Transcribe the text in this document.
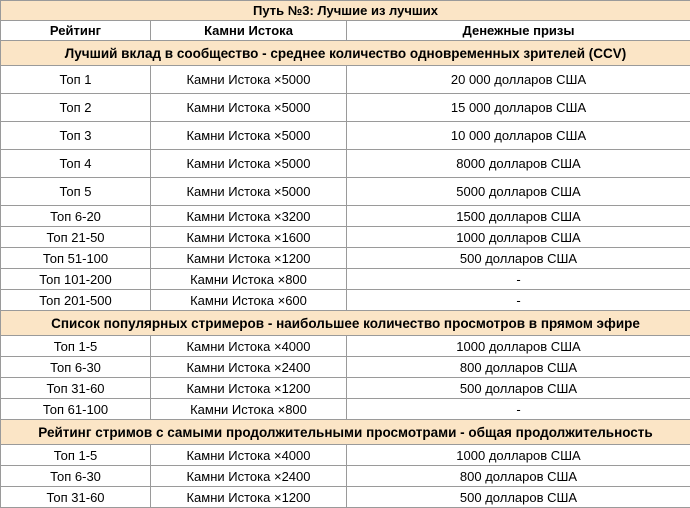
Путь №3: Лучшие из лучших		
Рейтинг	Камни Истока	Денежные призы
Лучший вклад в сообщество - среднее количество одновременных зрителей (CCV)		
Топ 1	Камни Истока ×5000	20 000 долларов США
Топ 2	Камни Истока ×5000	15 000 долларов США
Топ 3	Камни Истока ×5000	10 000 долларов США
Топ 4	Камни Истока ×5000	8000 долларов США
Топ 5	Камни Истока ×5000	5000 долларов США
Топ 6-20	Камни Истока ×3200	1500 долларов США
Топ 21-50	Камни Истока ×1600	1000 долларов США
Топ 51-100	Камни Истока ×1200	500 долларов США
Топ 101-200	Камни Истока ×800	-
Топ 201-500	Камни Истока ×600	-
Список популярных стримеров - наибольшее количество просмотров в прямом эфире		
Топ 1-5	Камни Истока ×4000	1000 долларов США
Топ 6-30	Камни Истока ×2400	800 долларов США
Топ 31-60	Камни Истока ×1200	500 долларов США
Топ 61-100	Камни Истока ×800	-
Рейтинг стримов с самыми продолжительными просмотрами - общая продолжительность		
Топ 1-5	Камни Истока ×4000	1000 долларов США
Топ 6-30	Камни Истока ×2400	800 долларов США
Топ 31-60	Камни Истока ×1200	500 долларов США
